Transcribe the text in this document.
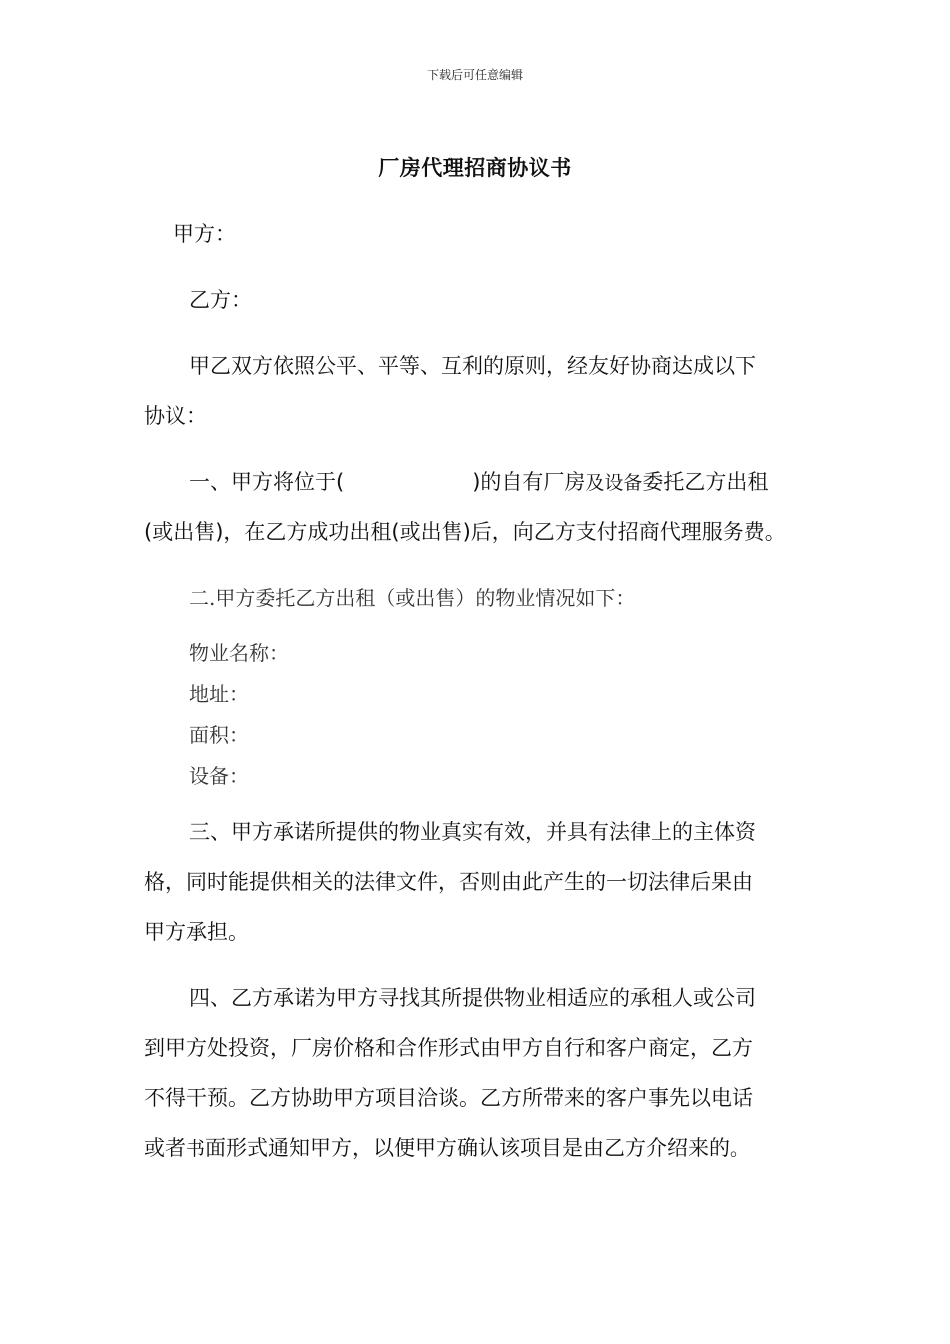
下载后可任意编辑
厂房代理招商协议书
甲方：
乙方：
甲乙双方依照公平、平等、互利的原则，经友好协商达成以下
协议：
一、甲方将位于(	)的自有厂房及设备委托乙方出租
(或出售)，在乙方成功出租(或出售)后，向乙方支付招商代理服务费。
二.甲方委托乙方出租（或出售）的物业情况如下：
物业名称：
地址：
面积：
设备：
三、甲方承诺所提供的物业真实有效，并具有法律上的主体资
格，同时能提供相关的法律文件，否则由此产生的一切法律后果由
甲方承担。
四、乙方承诺为甲方寻找其所提供物业相适应的承租人或公司
到甲方处投资，厂房价格和合作形式由甲方自行和客户商定，乙方
不得干预。乙方协助甲方项目洽谈。乙方所带来的客户事先以电话
或者书面形式通知甲方，以便甲方确认该项目是由乙方介绍来的。
